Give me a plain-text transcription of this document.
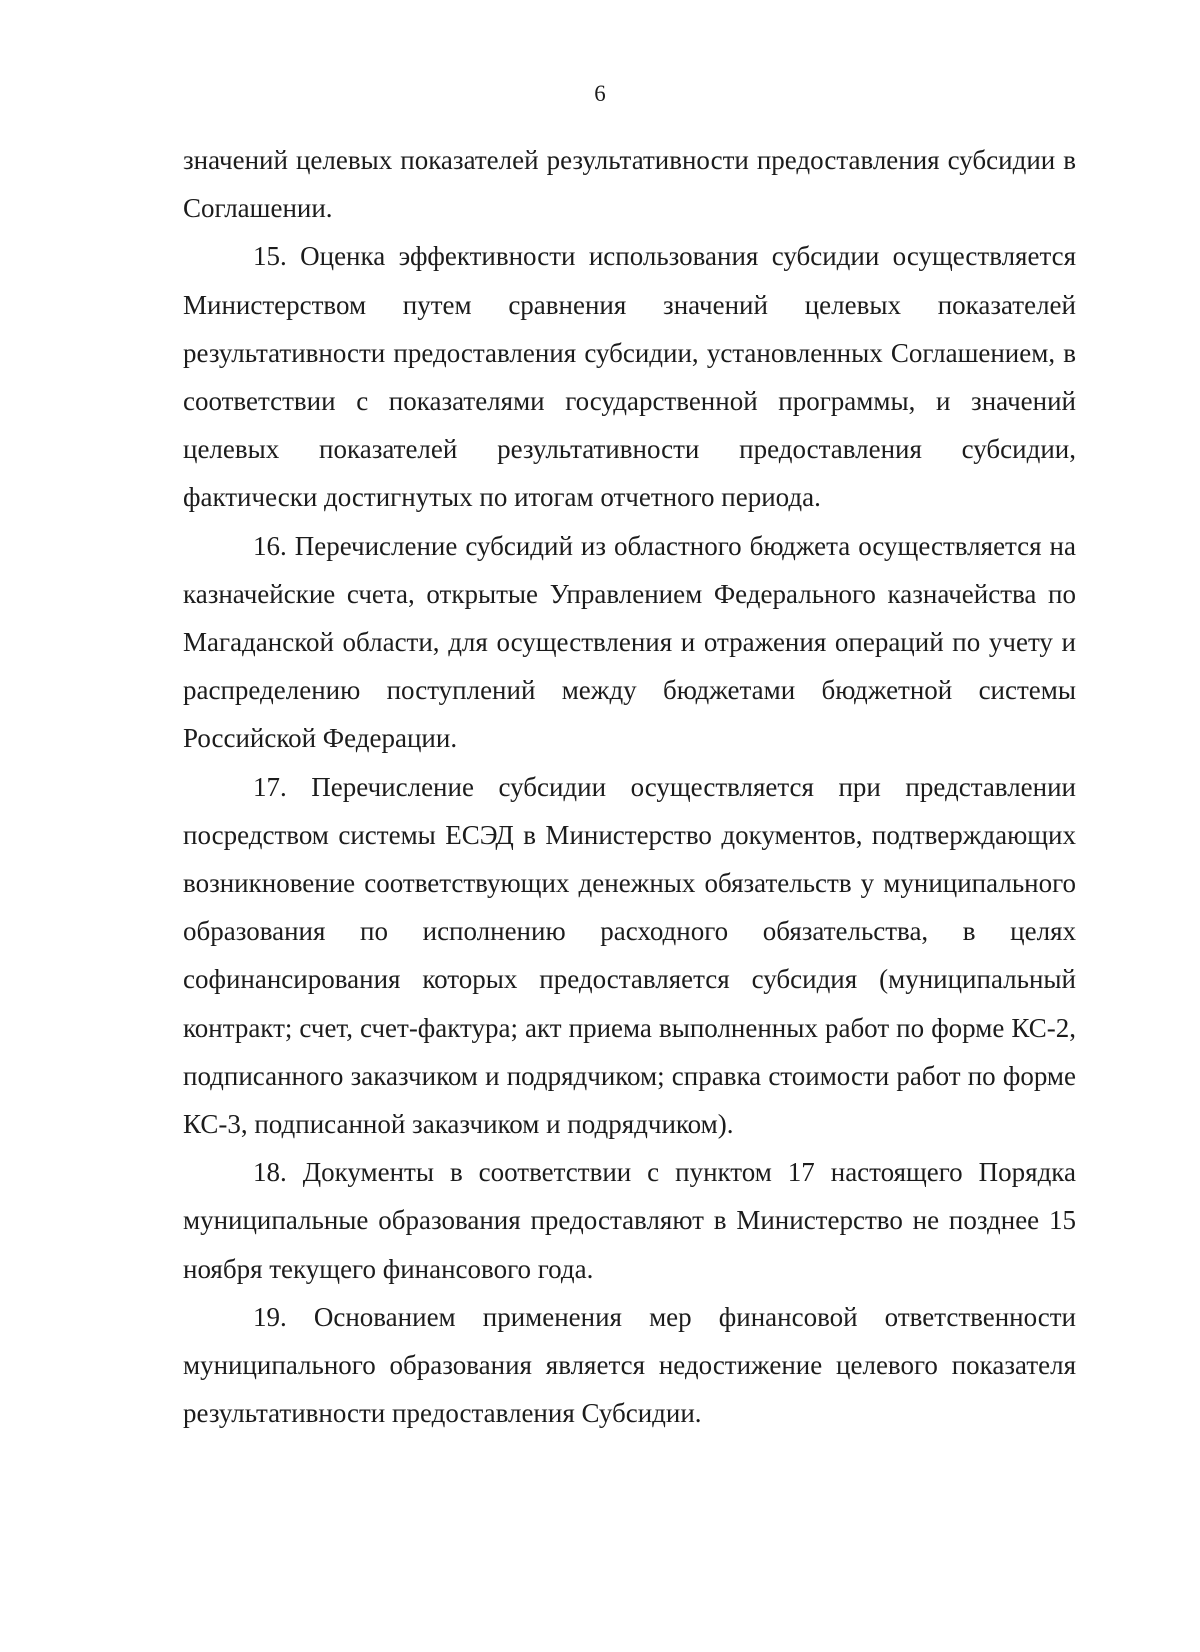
6

значений целевых показателей результативности предоставления субсидии в Соглашении.

15. Оценка эффективности использования субсидии осуществляется Министерством путем сравнения значений целевых показателей результативности предоставления субсидии, установленных Соглашением, в соответствии с показателями государственной программы, и значений целевых показателей результативности предоставления субсидии, фактически достигнутых по итогам отчетного периода.

16. Перечисление субсидий из областного бюджета осуществляется на казначейские счета, открытые Управлением Федерального казначейства по Магаданской области, для осуществления и отражения операций по учету и распределению поступлений между бюджетами бюджетной системы Российской Федерации.

17. Перечисление субсидии осуществляется при представлении посредством системы ЕСЭД в Министерство документов, подтверждающих возникновение соответствующих денежных обязательств у муниципального образования по исполнению расходного обязательства, в целях софинансирования которых предоставляется субсидия (муниципальный контракт; счет, счет-фактура; акт приема выполненных работ по форме КС-2, подписанного заказчиком и подрядчиком; справка стоимости работ по форме КС-3, подписанной заказчиком и подрядчиком).

18. Документы в соответствии с пунктом 17 настоящего Порядка муниципальные образования предоставляют в Министерство не позднее 15 ноября текущего финансового года.

19. Основанием применения мер финансовой ответственности муниципального образования является недостижение целевого показателя результативности предоставления Субсидии.
